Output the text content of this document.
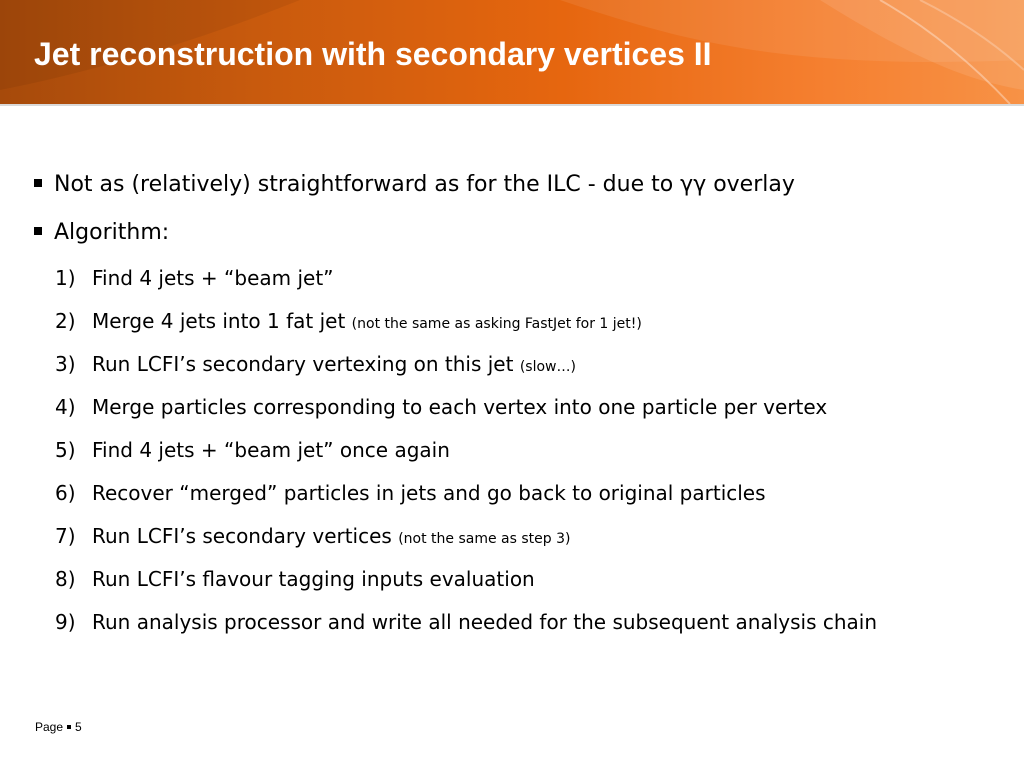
Jet reconstruction with secondary vertices II
Not as (relatively) straightforward as for the ILC - due to γγ overlay
Algorithm:
1) Find 4 jets + “beam jet”
2) Merge 4 jets into 1 fat jet (not the same as asking FastJet for 1 jet!)
3) Run LCFI’s secondary vertexing on this jet (slow…)
4) Merge particles corresponding to each vertex into one particle per vertex
5) Find 4 jets + “beam jet” once again
6) Recover “merged” particles in jets and go back to original particles
7) Run LCFI’s secondary vertices (not the same as step 3)
8) Run LCFI’s flavour tagging inputs evaluation
9) Run analysis processor and write all needed for the subsequent analysis chain
Page 5
